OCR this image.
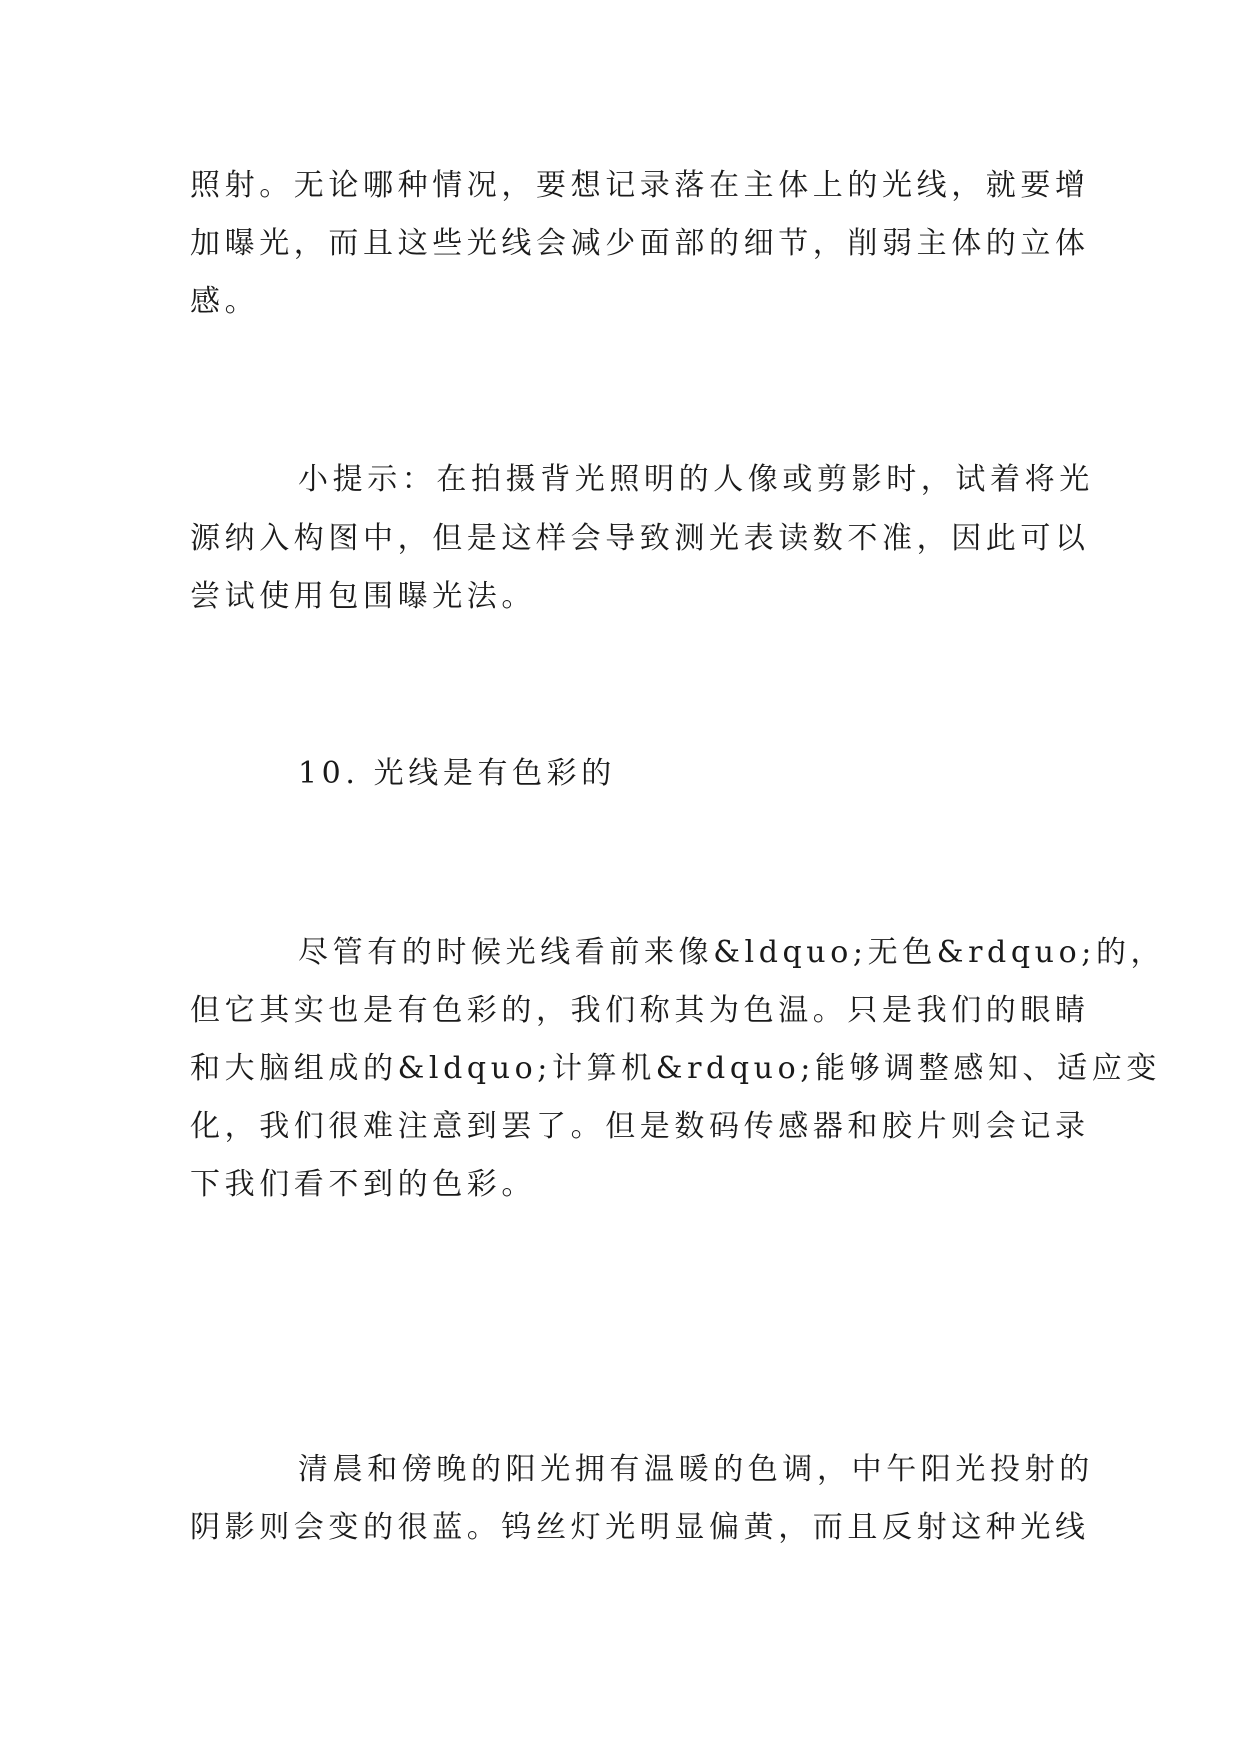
照射。无论哪种情况，要想记录落在主体上的光线，就要增
加曝光，而且这些光线会减少面部的细节，削弱主体的立体
感。
小提示：在拍摄背光照明的人像或剪影时，试着将光
源纳入构图中，但是这样会导致测光表读数不准，因此可以
尝试使用包围曝光法。
10. 光线是有色彩的
尽管有的时候光线看前来像&ldquo;无色&rdquo;的，
但它其实也是有色彩的，我们称其为色温。只是我们的眼睛
和大脑组成的&ldquo;计算机&rdquo;能够调整感知、适应变
化，我们很难注意到罢了。但是数码传感器和胶片则会记录
下我们看不到的色彩。
清晨和傍晚的阳光拥有温暖的色调，中午阳光投射的
阴影则会变的很蓝。钨丝灯光明显偏黄，而且反射这种光线
